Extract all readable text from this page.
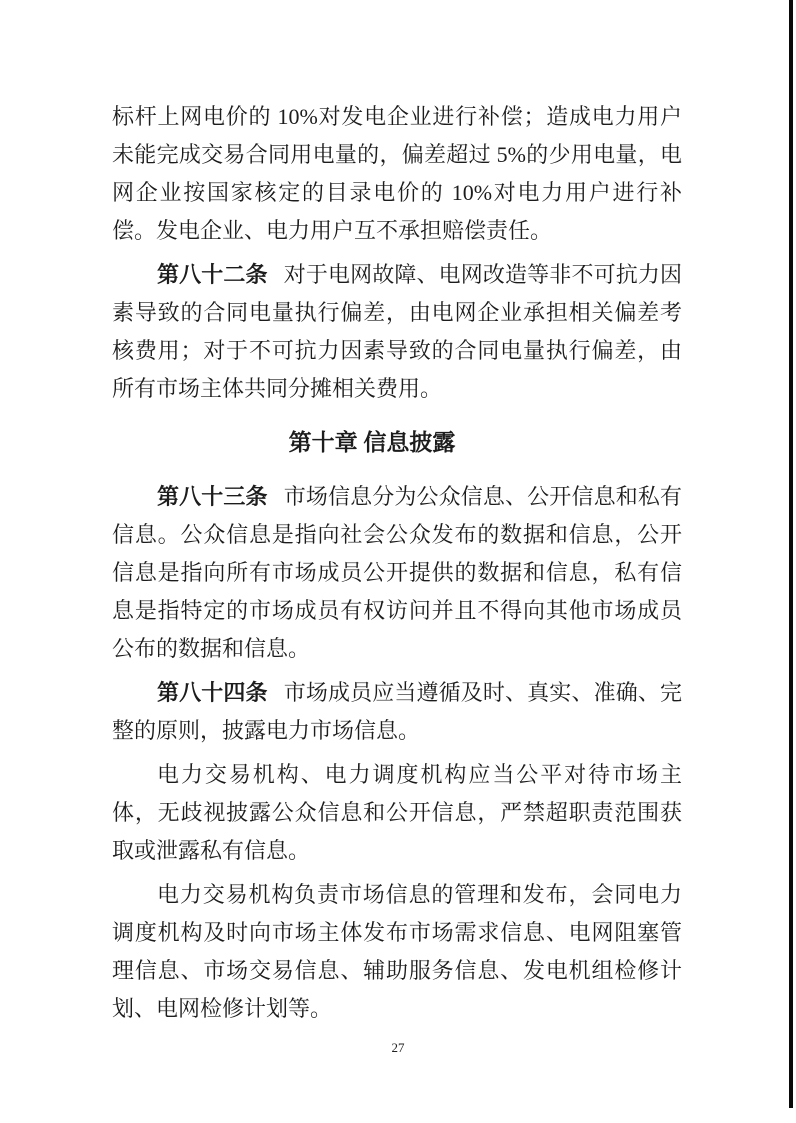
标杆上网电价的 10%对发电企业进行补偿；造成电力用户未能完成交易合同用电量的，偏差超过 5%的少用电量，电网企业按国家核定的目录电价的 10%对电力用户进行补偿。发电企业、电力用户互不承担赔偿责任。

第八十二条 对于电网故障、电网改造等非不可抗力因素导致的合同电量执行偏差，由电网企业承担相关偏差考核费用；对于不可抗力因素导致的合同电量执行偏差，由所有市场主体共同分摊相关费用。

第十章 信息披露

第八十三条 市场信息分为公众信息、公开信息和私有信息。公众信息是指向社会公众发布的数据和信息，公开信息是指向所有市场成员公开提供的数据和信息，私有信息是指特定的市场成员有权访问并且不得向其他市场成员公布的数据和信息。

第八十四条 市场成员应当遵循及时、真实、准确、完整的原则，披露电力市场信息。

电力交易机构、电力调度机构应当公平对待市场主体，无歧视披露公众信息和公开信息，严禁超职责范围获取或泄露私有信息。

电力交易机构负责市场信息的管理和发布，会同电力调度机构及时向市场主体发布市场需求信息、电网阻塞管理信息、市场交易信息、辅助服务信息、发电机组检修计划、电网检修计划等。

27
